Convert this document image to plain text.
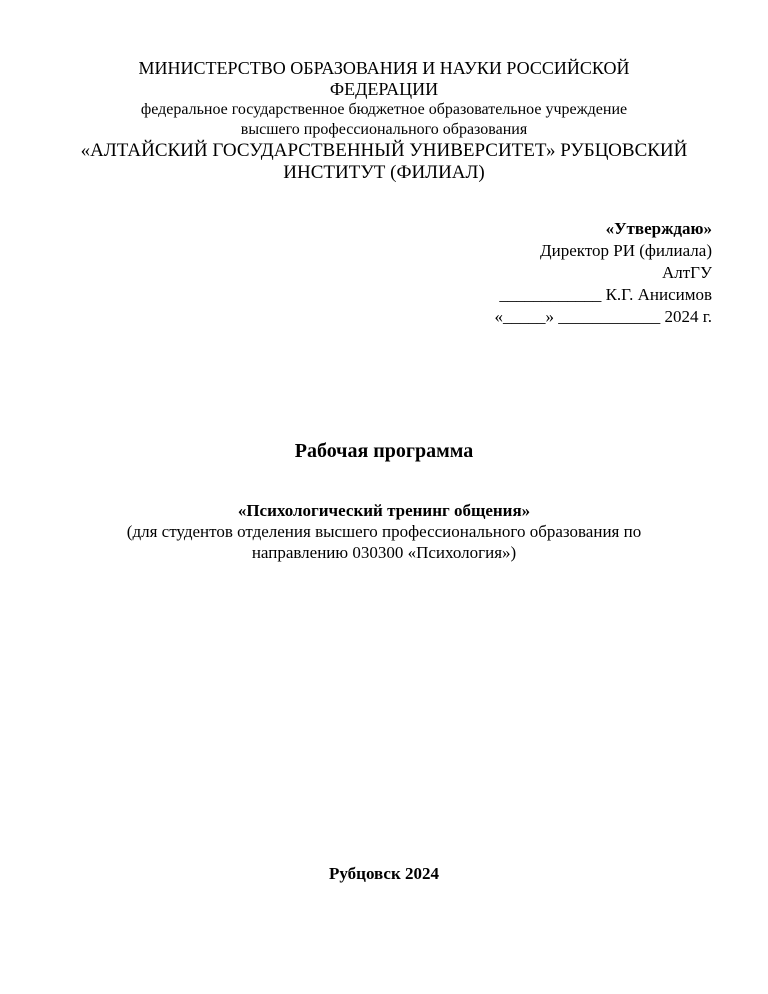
МИНИСТЕРСТВО ОБРАЗОВАНИЯ И НАУКИ РОССИЙСКОЙ
ФЕДЕРАЦИИ
федеральное государственное бюджетное образовательное учреждение
высшего профессионального образования
«АЛТАЙСКИЙ ГОСУДАРСТВЕННЫЙ УНИВЕРСИТЕТ» РУБЦОВСКИЙ
ИНСТИТУТ (ФИЛИАЛ)
«Утверждаю»
Директор РИ (филиала)
АлтГУ
____________ К.Г. Анисимов
«_____» ____________ 2024 г.
Рабочая программа
«Психологический тренинг общения»
(для студентов отделения высшего профессионального образования по
направлению 030300 «Психология»)
Рубцовск 2024
